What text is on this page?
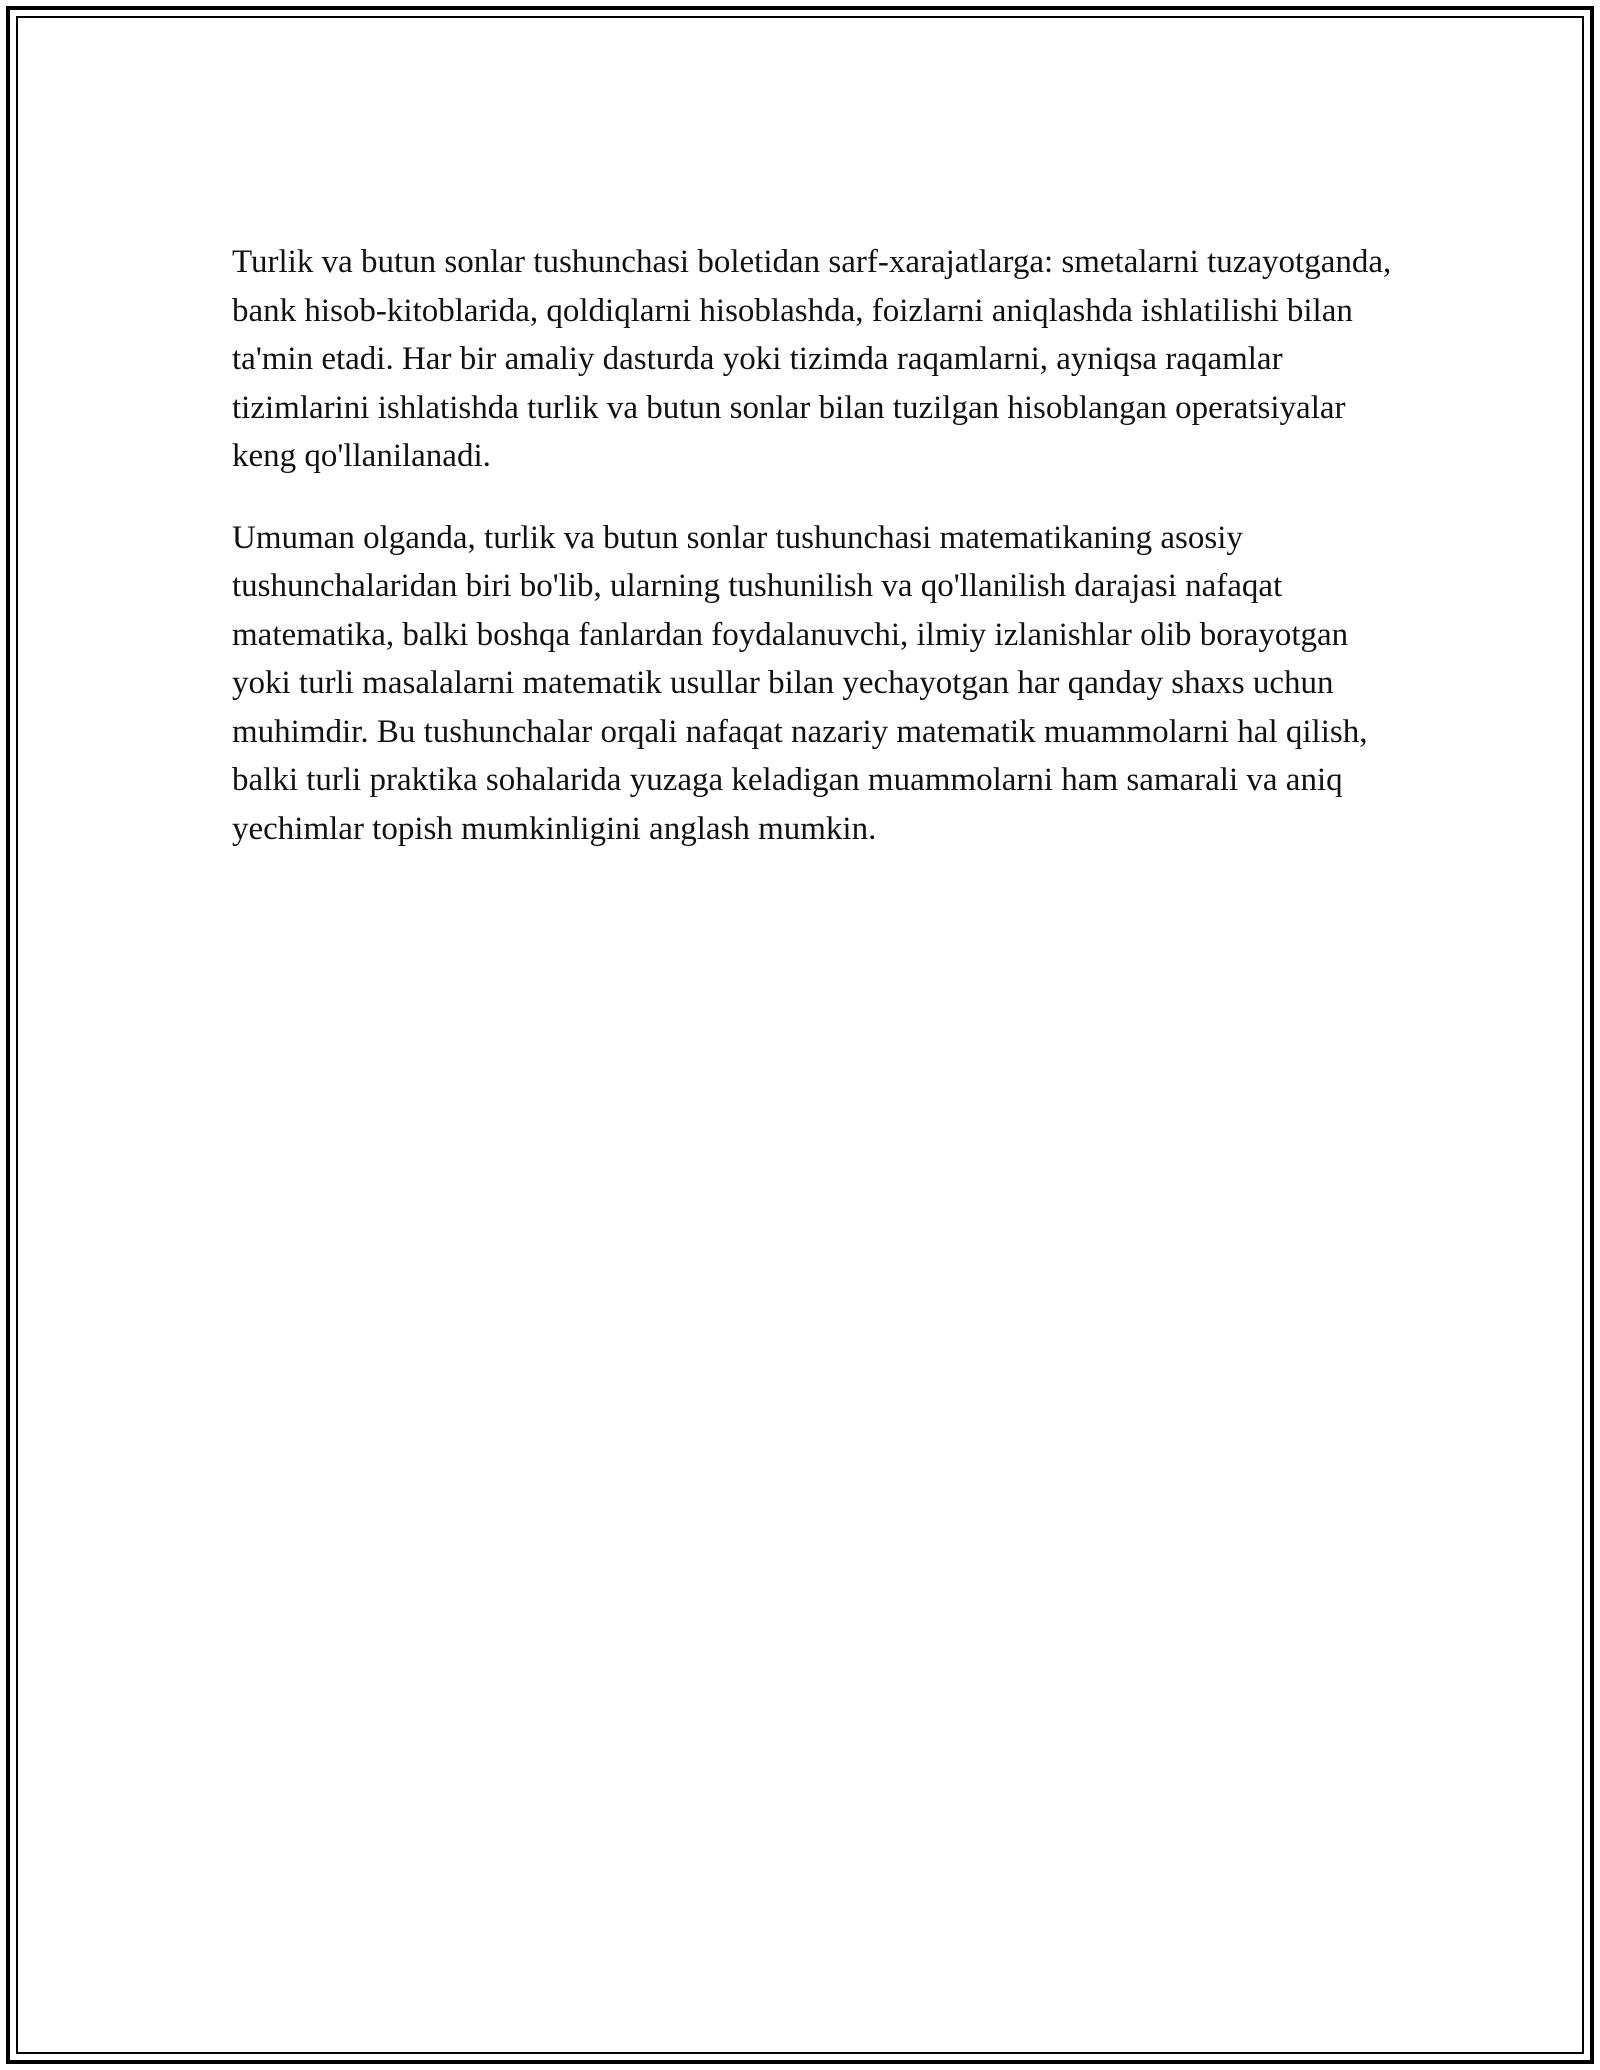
Turlik va butun sonlar tushunchasi boletidan sarf-xarajatlarga: smetalarni tuzayotganda, bank hisob-kitoblarida, qoldiqlarni hisoblashda, foizlarni aniqlashda ishlatilishi bilan ta'min etadi. Har bir amaliy dasturda yoki tizimda raqamlarni, ayniqsa raqamlar tizimlarini ishlatishda turlik va butun sonlar bilan tuzilgan hisoblangan operatsiyalar keng qo'llanilanadi.

Umuman olganda, turlik va butun sonlar tushunchasi matematikaning asosiy tushunchalaridan biri bo'lib, ularning tushunilish va qo'llanilish darajasi nafaqat matematika, balki boshqa fanlardan foydalanuvchi, ilmiy izlanishlar olib borayotgan yoki turli masalalarni matematik usullar bilan yechayotgan har qanday shaxs uchun muhimdir. Bu tushunchalar orqali nafaqat nazariy matematik muammolarni hal qilish, balki turli praktika sohalarida yuzaga keladigan muammolarni ham samarali va aniq yechimlar topish mumkinligini anglash mumkin.
